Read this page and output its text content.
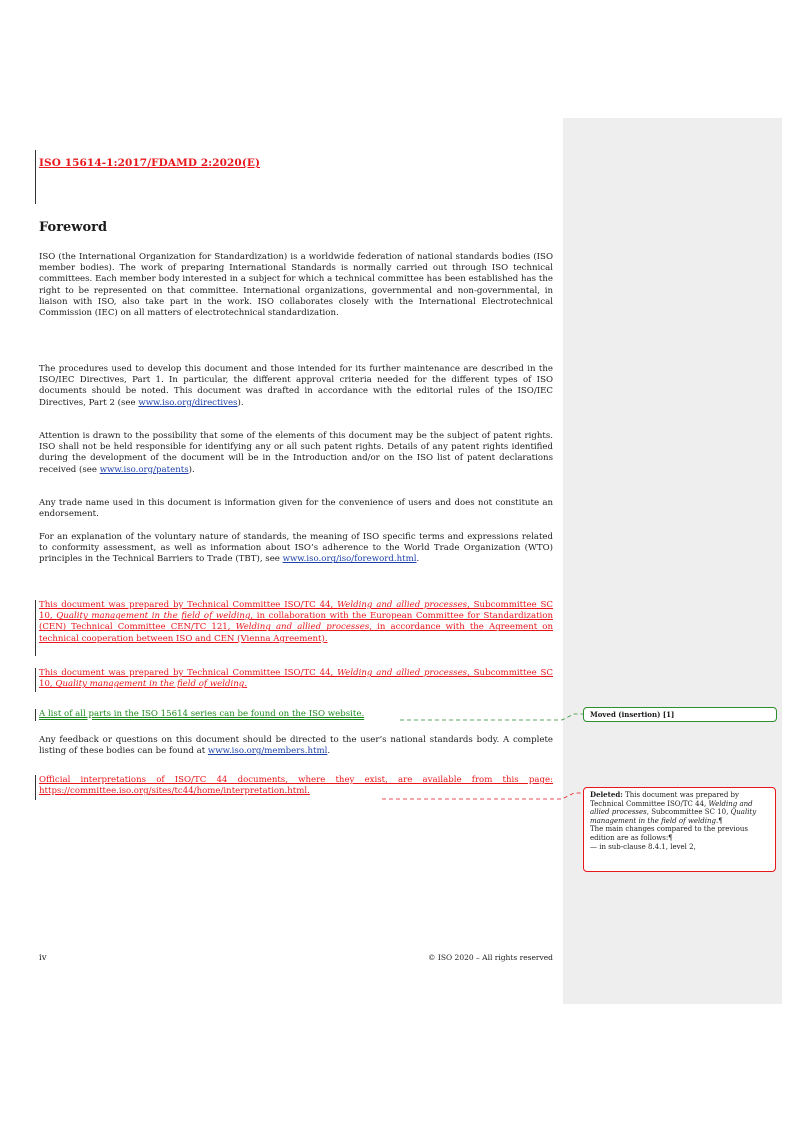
ISO 15614-1:2017/FDAMD 2:2020(E)
Foreword
ISO (the International Organization for Standardization) is a worldwide federation of national standards bodies (ISO member bodies). The work of preparing International Standards is normally carried out through ISO technical committees. Each member body interested in a subject for which a technical committee has been established has the right to be represented on that committee. International organizations, governmental and non-governmental, in liaison with ISO, also take part in the work. ISO collaborates closely with the International Electrotechnical Commission (IEC) on all matters of electrotechnical standardization.
The procedures used to develop this document and those intended for its further maintenance are described in the ISO/IEC Directives, Part 1. In particular, the different approval criteria needed for the different types of ISO documents should be noted. This document was drafted in accordance with the editorial rules of the ISO/IEC Directives, Part 2 (see www.iso.org/directives).
Attention is drawn to the possibility that some of the elements of this document may be the subject of patent rights. ISO shall not be held responsible for identifying any or all such patent rights. Details of any patent rights identified during the development of the document will be in the Introduction and/or on the ISO list of patent declarations received (see www.iso.org/patents).
Any trade name used in this document is information given for the convenience of users and does not constitute an endorsement.
For an explanation of the voluntary nature of standards, the meaning of ISO specific terms and expressions related to conformity assessment, as well as information about ISO’s adherence to the World Trade Organization (WTO) principles in the Technical Barriers to Trade (TBT), see www.iso.org/iso/foreword.html.
This document was prepared by Technical Committee ISO/TC 44, Welding and allied processes, Subcommittee SC 10, Quality management in the field of welding, in collaboration with the European Committee for Standardization (CEN) Technical Committee CEN/TC 121, Welding and allied processes, in accordance with the Agreement on technical cooperation between ISO and CEN (Vienna Agreement).
This document was prepared by Technical Committee ISO/TC 44, Welding and allied processes, Subcommittee SC 10, Quality management in the field of welding.
A list of all parts in the ISO 15614 series can be found on the ISO website.
Any feedback or questions on this document should be directed to the user’s national standards body. A complete listing of these bodies can be found at www.iso.org/members.html.
Official interpretations of ISO/TC 44 documents, where they exist, are available from this page: https://committee.iso.org/sites/tc44/home/interpretation.html.
iv	© ISO 2020 – All rights reserved
Moved (insertion) [1]
Deleted: This document was prepared by Technical Committee ISO/TC 44, Welding and allied processes, Subcommittee SC 10, Quality management in the field of welding.¶
The main changes compared to the previous edition are as follows:¶
— in sub-clause 8.4.1, level 2,
